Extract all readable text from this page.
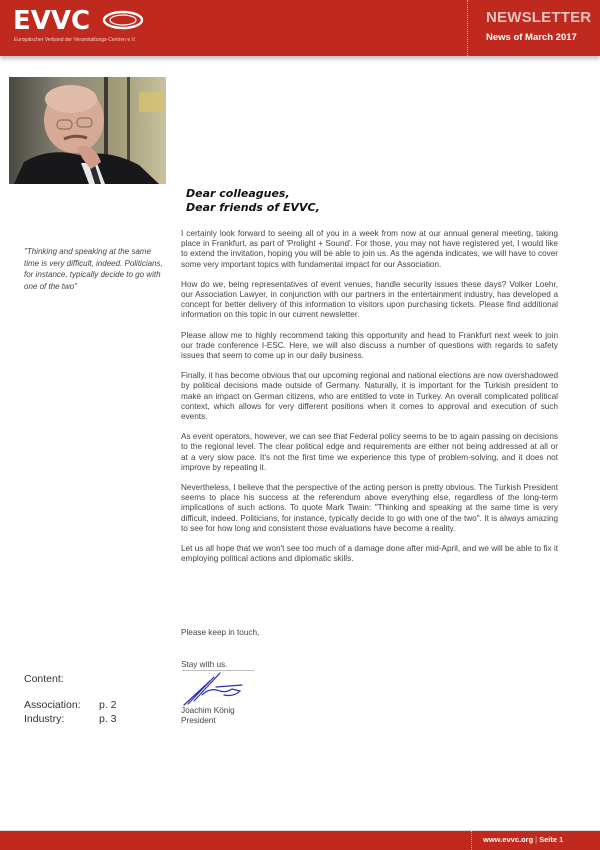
EVVC
Europäischer Verband der Veranstaltungs-Centren e.V.
NEWSLETTER
News of March 2017
"Thinking and speaking at the same time is very difficult, indeed. Politicians, for instance, typically decide to go with one of the two"
Dear colleagues,
Dear friends of EVVC,

I certainly look forward to seeing all of you in a week from now at our annual general meeting, taking place in Frankfurt, as part of 'Prolight + Sound'. For those, you may not have registered yet, I would like to extend the invitation, hoping you will be able to join us. As the agenda indicates, we will have to cover some very important topics with fundamental impact for our Association.

How do we, being representatives of event venues, handle security issues these days? Volker Loehr, our Association Lawyer, in conjunction with our partners in the entertainment industry, has developed a concept for better delivery of this information to visitors upon purchasing tickets. Please find additional information on this topic in our current newsletter.

Please allow me to highly recommend taking this opportunity and head to Frankfurt next week to join our trade conference I-ESC. Here, we will also discuss a number of questions with regards to safety issues that seem to come up in our daily business.

Finally, it has become obvious that our upcoming regional and national elections are now overshadowed by political decisions made outside of Germany. Naturally, it is important for the Turkish president to make an impact on German citizens, who are entitled to vote in Turkey. An overall complicated political context, which allows for very different positions when it comes to approval and execution of such events.

As event operators, however, we can see that Federal policy seems to be to again passing on decisions to the regional level. The clear political edge and requirements are either not being addressed at all or at a very slow pace. It's not the first time we experience this type of problem-solving, and it does not improve by repeating it.

Nevertheless, I believe that the perspective of the acting person is pretty obvious. The Turkish President seems to place his success at the referendum above everything else, regardless of the long-term implications of such actions. To quote Mark Twain: "Thinking and speaking at the same time is very difficult, indeed. Politicians, for instance, typically decide to go with one of the two". It is always amazing to see for how long and consistent those evaluations have become a reality.

Let us all hope that we won't see too much of a damage done after mid-April, and we will be able to fix it employing political actions and diplomatic skills.

Please keep in touch,
Stay with us.
Joachim König
President
Content:
Association:	p. 2
Industry:	p. 3
www.evvc.org | Seite 1
